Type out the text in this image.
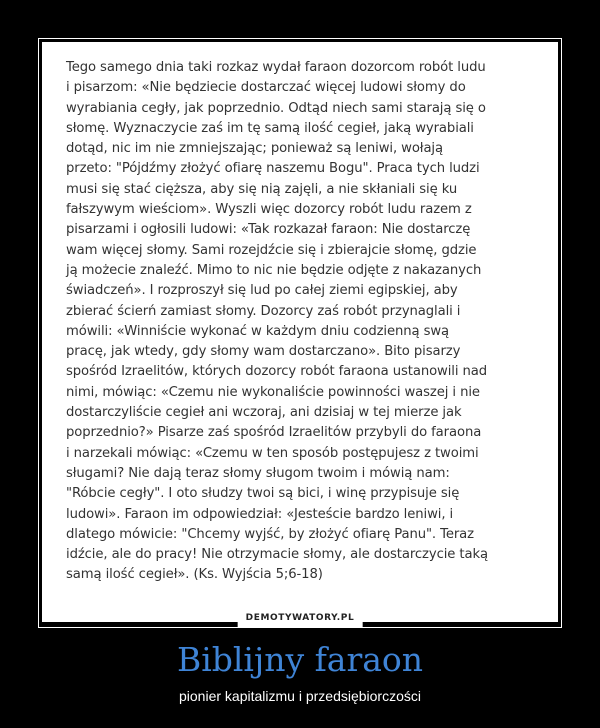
Tego samego dnia taki rozkaz wydał faraon dozorcom robót ludu
i pisarzom: «Nie będziecie dostarczać więcej ludowi słomy do
wyrabiania cegły, jak poprzednio. Odtąd niech sami starają się o
słomę. Wyznaczycie zaś im tę samą ilość cegieł, jaką wyrabiali
dotąd, nic im nie zmniejszając; ponieważ są leniwi, wołają
przeto: "Pójdźmy złożyć ofiarę naszemu Bogu". Praca tych ludzi
musi się stać cięższa, aby się nią zajęli, a nie skłaniali się ku
fałszywym wieściom». Wyszli więc dozorcy robót ludu razem z
pisarzami i ogłosili ludowi: «Tak rozkazał faraon: Nie dostarczę
wam więcej słomy. Sami rozejdźcie się i zbierajcie słomę, gdzie
ją możecie znaleźć. Mimo to nic nie będzie odjęte z nakazanych
świadczeń». I rozproszył się lud po całej ziemi egipskiej, aby
zbierać ścierń zamiast słomy. Dozorcy zaś robót przynaglali i
mówili: «Winniście wykonać w każdym dniu codzienną swą
pracę, jak wtedy, gdy słomy wam dostarczano». Bito pisarzy
spośród Izraelitów, których dozorcy robót faraona ustanowili nad
nimi, mówiąc: «Czemu nie wykonaliście powinności waszej i nie
dostarczyliście cegieł ani wczoraj, ani dzisiaj w tej mierze jak
poprzednio?» Pisarze zaś spośród Izraelitów przybyli do faraona
i narzekali mówiąc: «Czemu w ten sposób postępujesz z twoimi
sługami? Nie dają teraz słomy sługom twoim i mówią nam:
"Róbcie cegły". I oto słudzy twoi są bici, i winę przypisuje się
ludowi». Faraon im odpowiedział: «Jesteście bardzo leniwi, i
dlatego mówicie: "Chcemy wyjść, by złożyć ofiarę Panu". Teraz
idźcie, ale do pracy! Nie otrzymacie słomy, ale dostarczycie taką
samą ilość cegieł». (Ks. Wyjścia 5;6-18)

DEMOTYWATORY.PL
Biblijny faraon

pionier kapitalizmu i przedsiębiorczości
